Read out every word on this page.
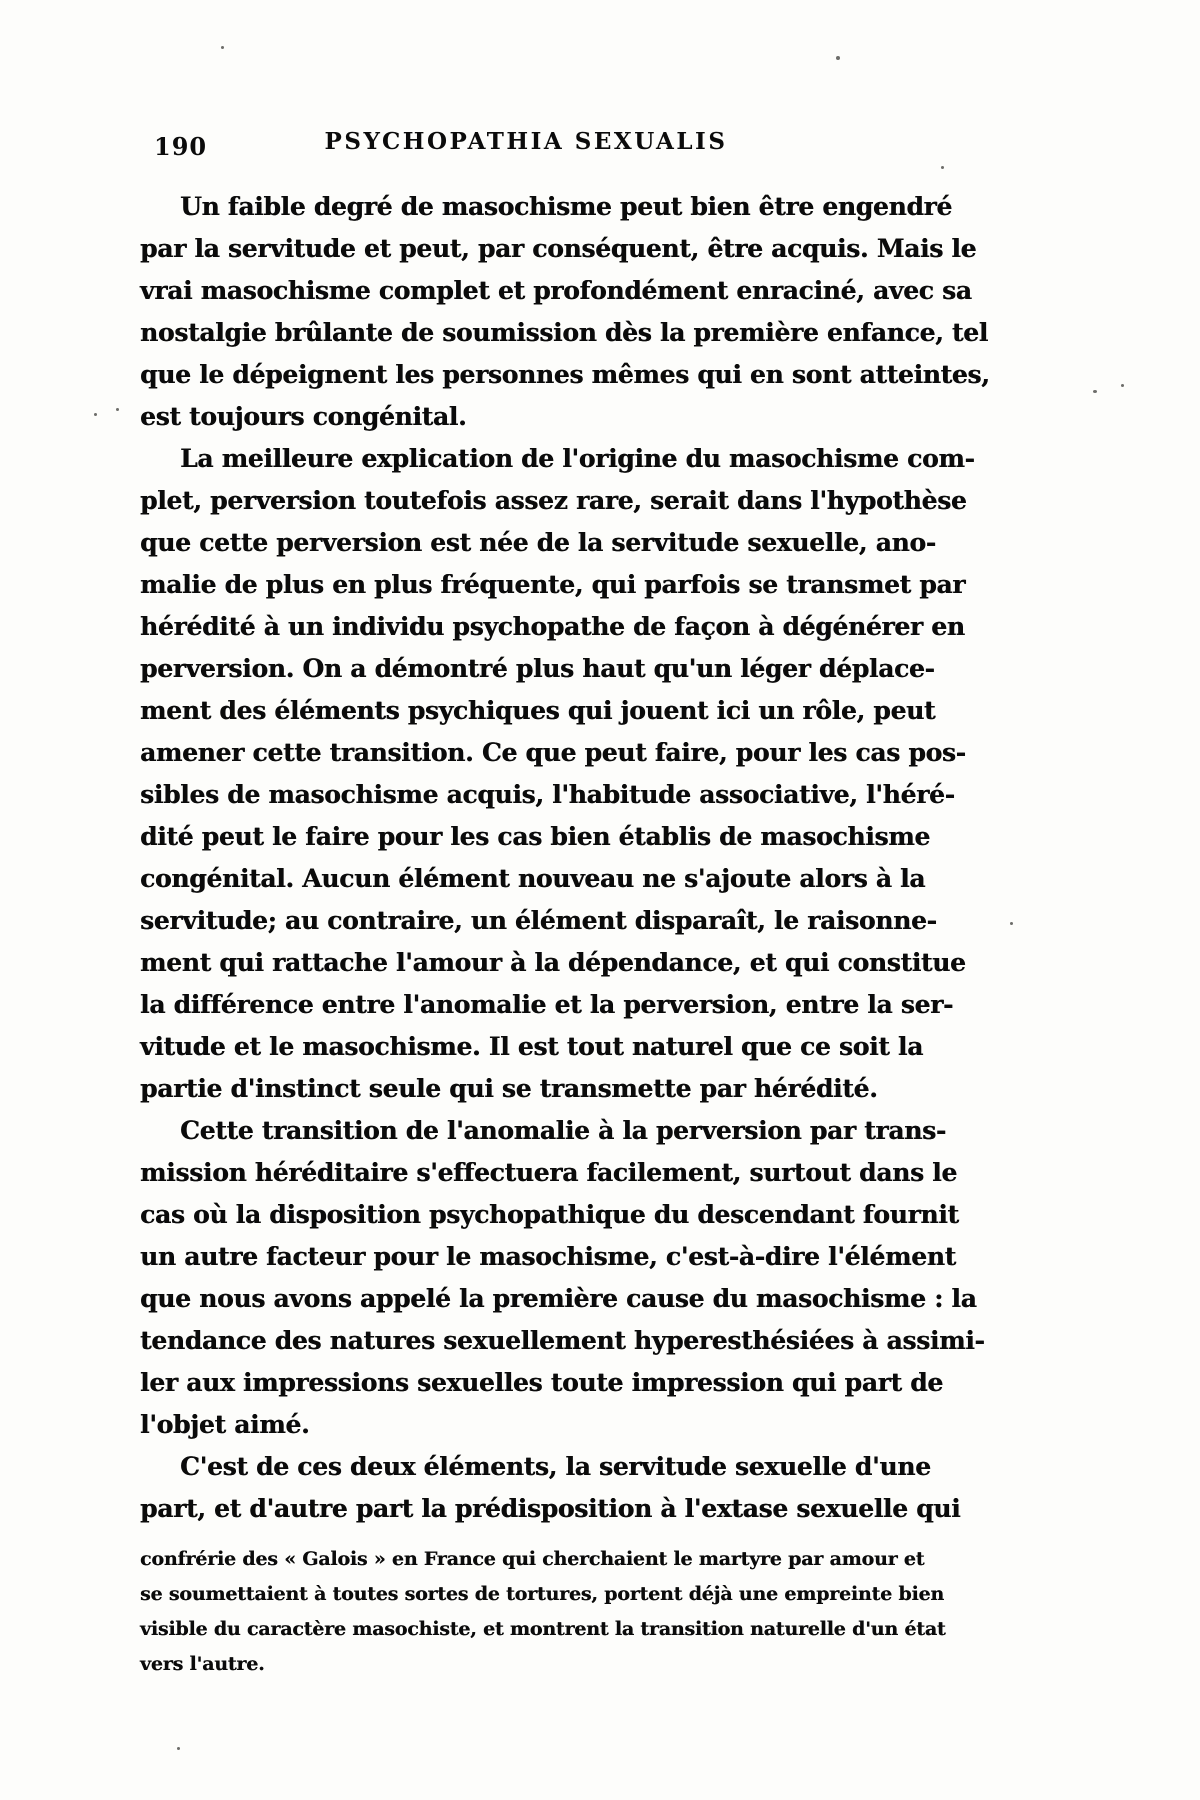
190	PSYCHOPATHIA SEXUALIS

Un faible degré de masochisme peut bien être engendré
par la servitude et peut, par conséquent, être acquis. Mais le
vrai masochisme complet et profondément enraciné, avec sa
nostalgie brûlante de soumission dès la première enfance, tel
que le dépeignent les personnes mêmes qui en sont atteintes,
est toujours congénital.

La meilleure explication de l'origine du masochisme com-
plet, perversion toutefois assez rare, serait dans l'hypothèse
que cette perversion est née de la servitude sexuelle, ano-
malie de plus en plus fréquente, qui parfois se transmet par
hérédité à un individu psychopathe de façon à dégénérer en
perversion. On a démontré plus haut qu'un léger déplace-
ment des éléments psychiques qui jouent ici un rôle, peut
amener cette transition. Ce que peut faire, pour les cas pos-
sibles de masochisme acquis, l'habitude associative, l'héré-
dité peut le faire pour les cas bien établis de masochisme
congénital. Aucun élément nouveau ne s'ajoute alors à la
servitude; au contraire, un élément disparaît, le raisonne-
ment qui rattache l'amour à la dépendance, et qui constitue
la différence entre l'anomalie et la perversion, entre la ser-
vitude et le masochisme. Il est tout naturel que ce soit la
partie d'instinct seule qui se transmette par hérédité.

Cette transition de l'anomalie à la perversion par trans-
mission héréditaire s'effectuera facilement, surtout dans le
cas où la disposition psychopathique du descendant fournit
un autre facteur pour le masochisme, c'est-à-dire l'élément
que nous avons appelé la première cause du masochisme : la
tendance des natures sexuellement hyperesthésiées à assimi-
ler aux impressions sexuelles toute impression qui part de
l'objet aimé.

C'est de ces deux éléments, la servitude sexuelle d'une
part, et d'autre part la prédisposition à l'extase sexuelle qui

confrérie des « Galois » en France qui cherchaient le martyre par amour et
se soumettaient à toutes sortes de tortures, portent déjà une empreinte bien
visible du caractère masochiste, et montrent la transition naturelle d'un état
vers l'autre.
